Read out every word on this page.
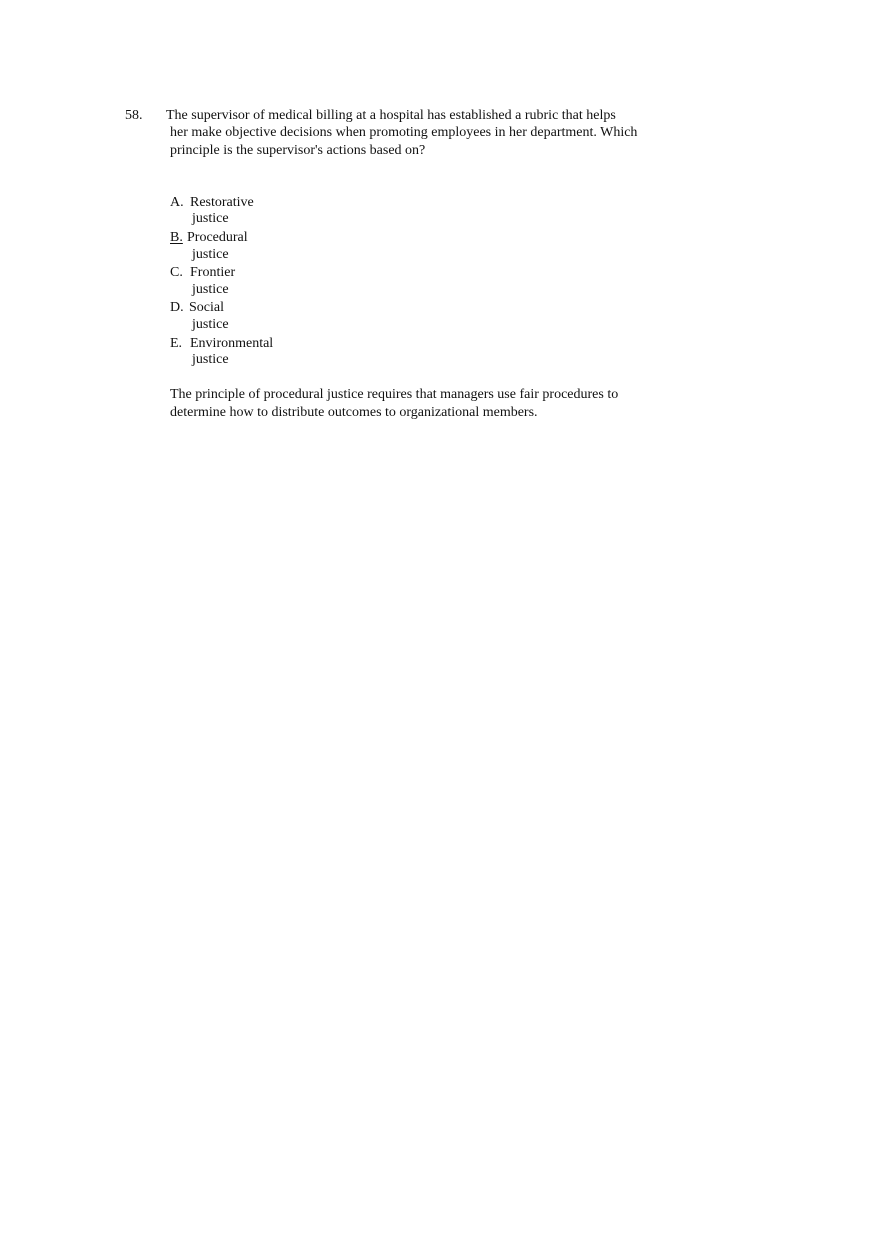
58. The supervisor of medical billing at a hospital has established a rubric that helps
her make objective decisions when promoting employees in her department. Which
principle is the supervisor's actions based on?
A. Restorative
justice
B. Procedural
justice
C. Frontier
justice
D. Social
justice
E. Environmental
justice
The principle of procedural justice requires that managers use fair procedures to
determine how to distribute outcomes to organizational members.
